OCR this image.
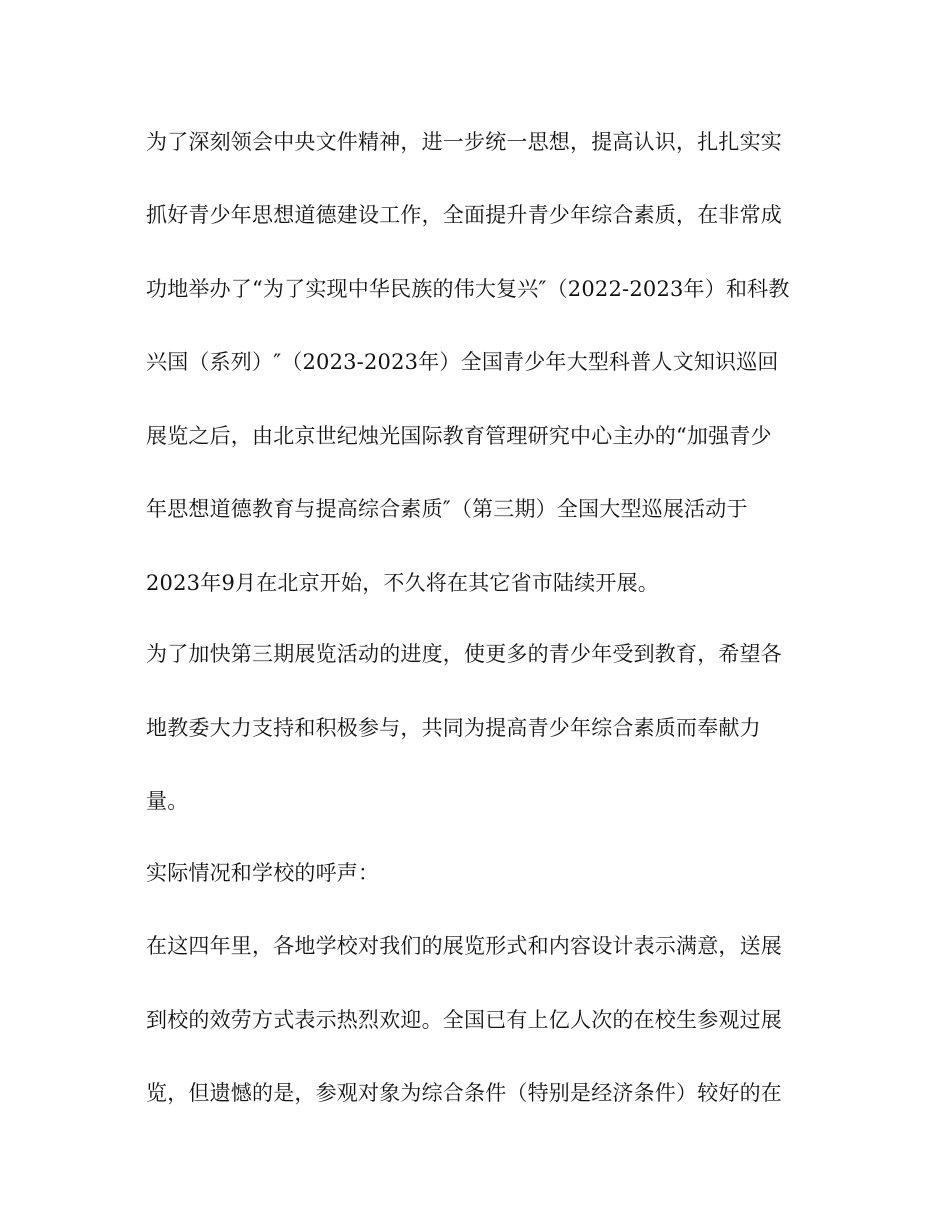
为了深刻领会中央文件精神，进一步统一思想，提高认识，扎扎实实
抓好青少年思想道德建设工作，全面提升青少年综合素质，在非常成
功地举办了“为了实现中华民族的伟大复兴″（2022-2023年）和科教
兴国（系列）″（2023-2023年）全国青少年大型科普人文知识巡回
展览之后，由北京世纪烛光国际教育管理研究中心主办的“加强青少
年思想道德教育与提高综合素质″（第三期）全国大型巡展活动于
2023年9月在北京开始，不久将在其它省市陆续开展。
为了加快第三期展览活动的进度，使更多的青少年受到教育，希望各
地教委大力支持和积极参与，共同为提高青少年综合素质而奉献力
量。
实际情况和学校的呼声：
在这四年里，各地学校对我们的展览形式和内容设计表示满意，送展
到校的效劳方式表示热烈欢迎。全国已有上亿人次的在校生参观过展
览，但遗憾的是，参观对象为综合条件（特别是经济条件）较好的在
